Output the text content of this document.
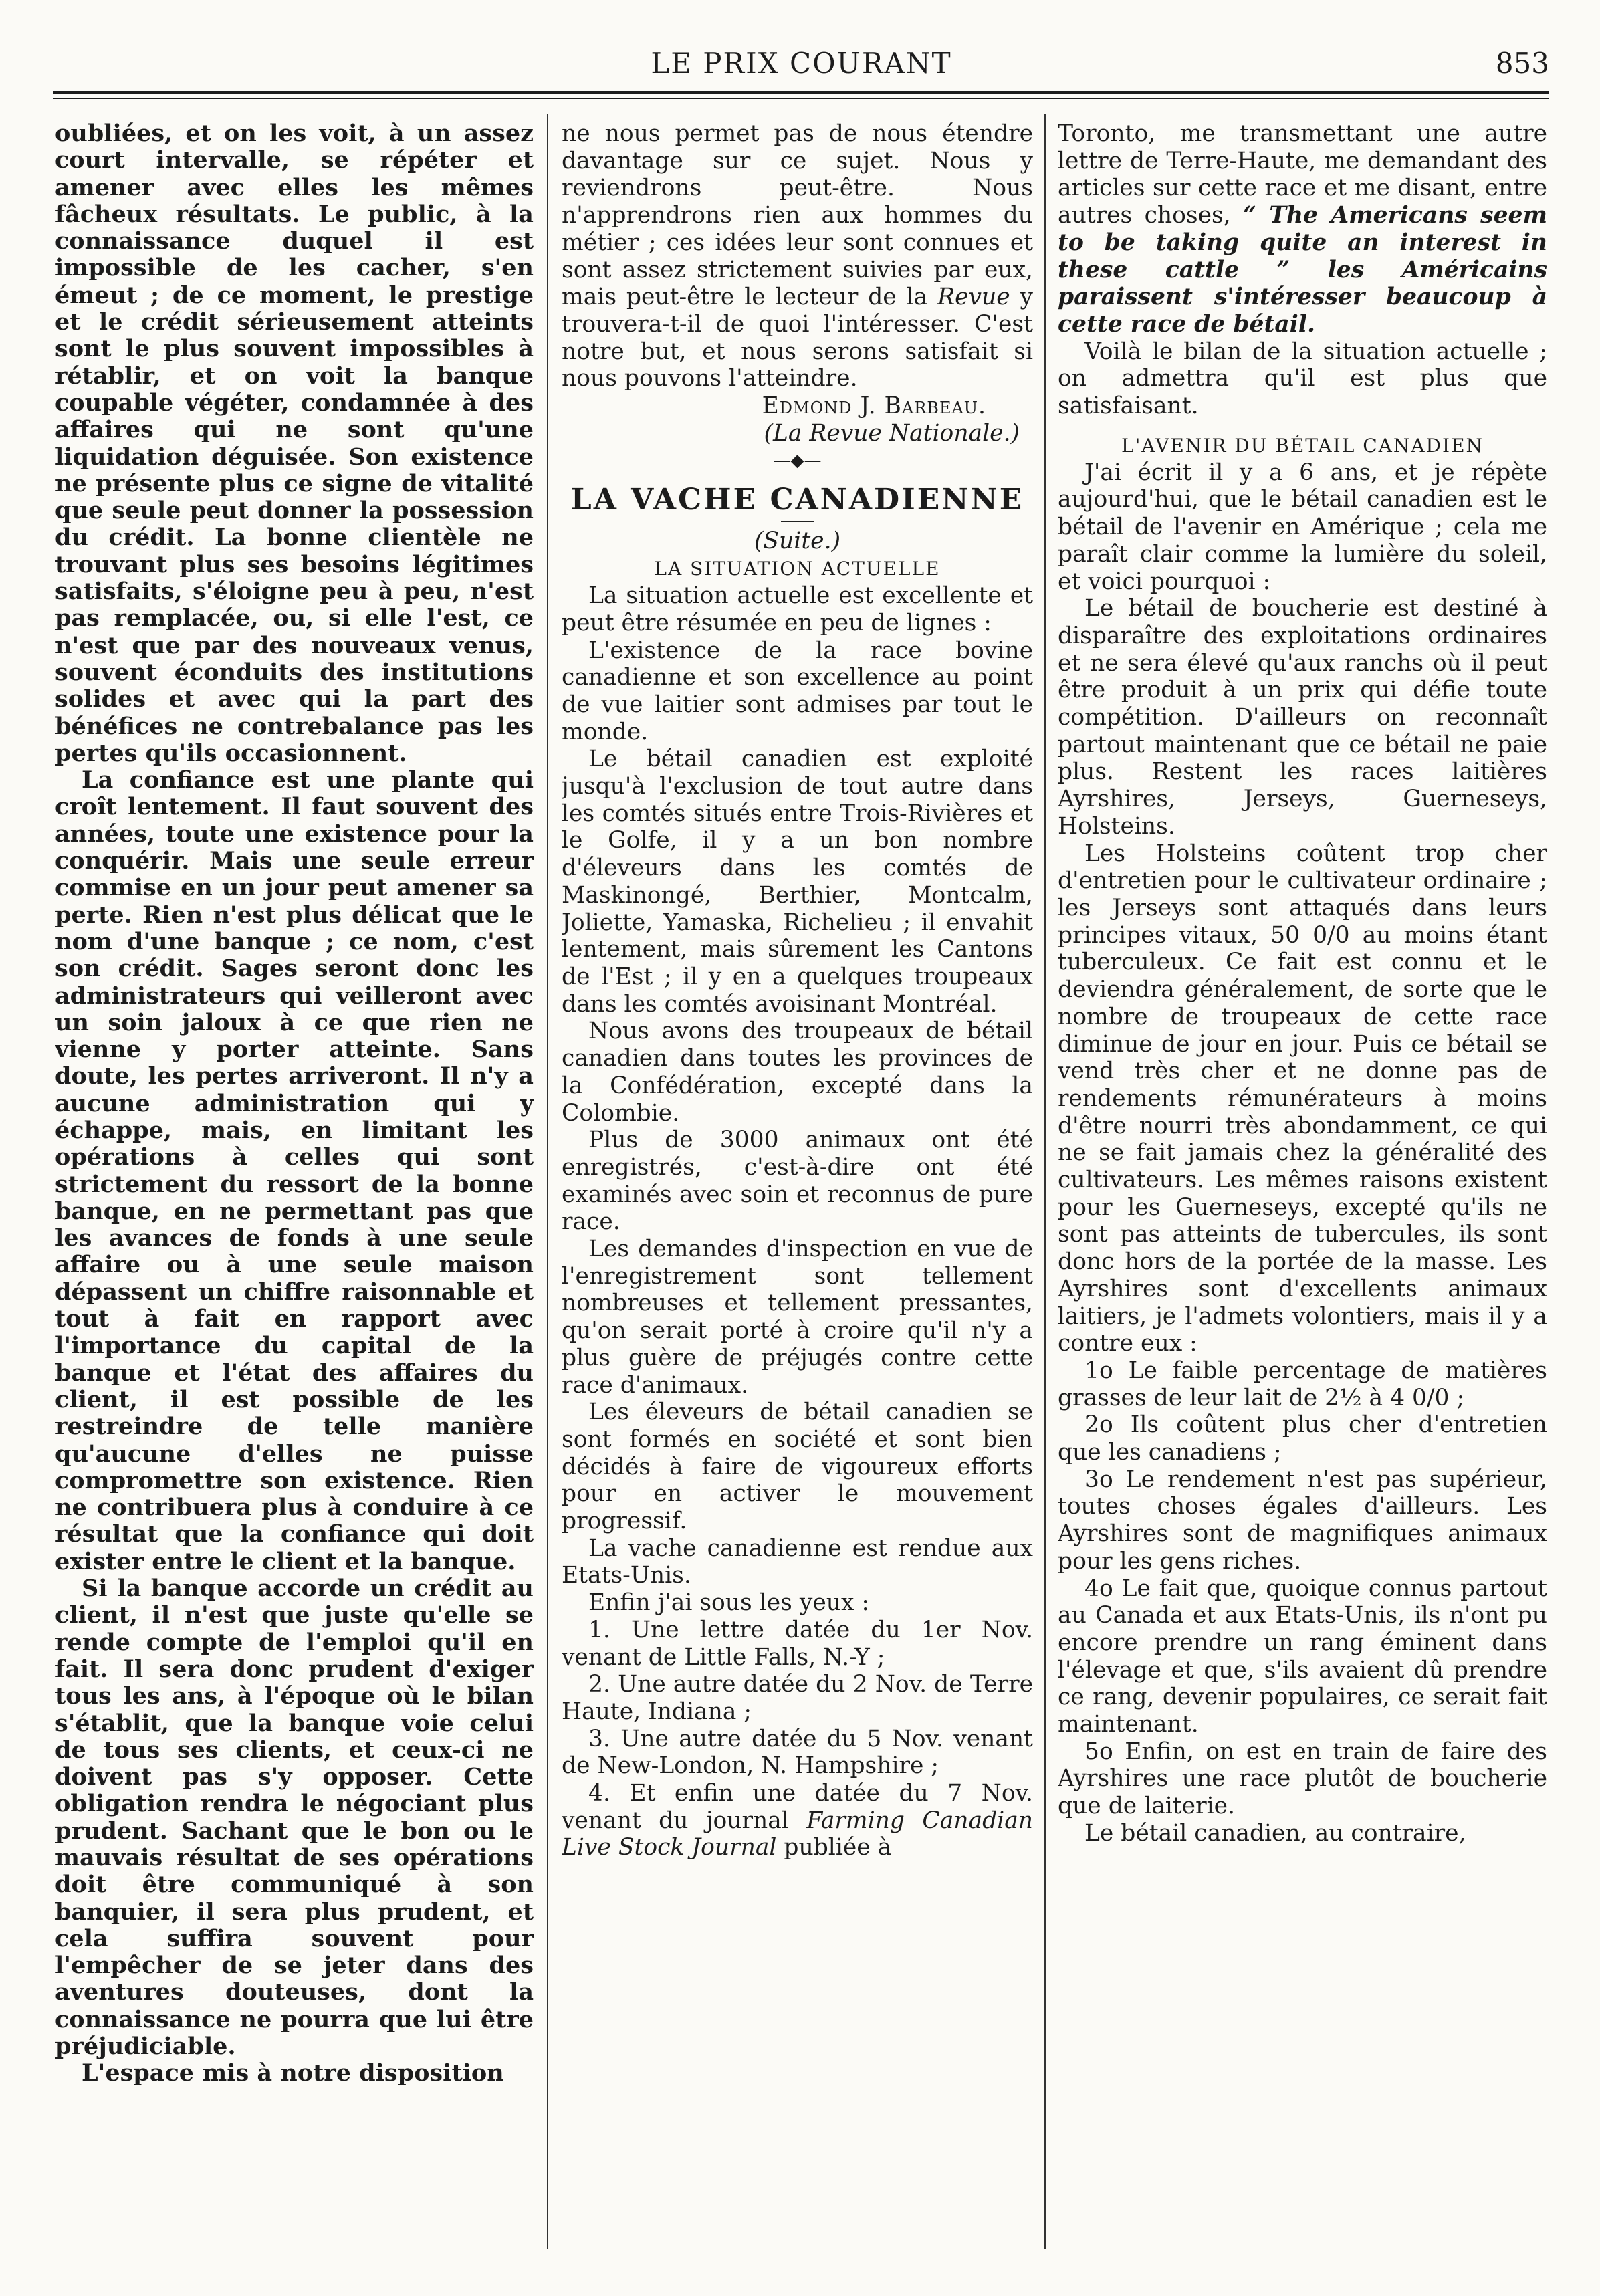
LE PRIX COURANT	853

oubliées, et on les voit, à un assez court intervalle, se répéter et amener avec elles les mêmes fâcheux résultats. Le public, à la connaissance duquel il est impossible de les cacher, s'en émeut ; de ce moment, le prestige et le crédit sérieusement atteints sont le plus souvent impossibles à rétablir, et on voit la banque coupable végéter, condamnée à des affaires qui ne sont qu'une liquidation déguisée. Son existence ne présente plus ce signe de vitalité que seule peut donner la possession du crédit. La bonne clientèle ne trouvant plus ses besoins légitimes satisfaits, s'éloigne peu à peu, n'est pas remplacée, ou, si elle l'est, ce n'est que par des nouveaux venus, souvent éconduits des institutions solides et avec qui la part des bénéfices ne contrebalance pas les pertes qu'ils occasionnent.

La confiance est une plante qui croît lentement. Il faut souvent des années, toute une existence pour la conquérir. Mais une seule erreur commise en un jour peut amener sa perte. Rien n'est plus délicat que le nom d'une banque ; ce nom, c'est son crédit. Sages seront donc les administrateurs qui veilleront avec un soin jaloux à ce que rien ne vienne y porter atteinte. Sans doute, les pertes arriveront. Il n'y a aucune administration qui y échappe, mais, en limitant les opérations à celles qui sont strictement du ressort de la bonne banque, en ne permettant pas que les avances de fonds à une seule affaire ou à une seule maison dépassent un chiffre raisonnable et tout à fait en rapport avec l'importance du capital de la banque et l'état des affaires du client, il est possible de les restreindre de telle manière qu'aucune d'elles ne puisse compromettre son existence. Rien ne contribuera plus à conduire à ce résultat que la confiance qui doit exister entre le client et la banque.

Si la banque accorde un crédit au client, il n'est que juste qu'elle se rende compte de l'emploi qu'il en fait. Il sera donc prudent d'exiger tous les ans, à l'époque où le bilan s'établit, que la banque voie celui de tous ses clients, et ceux-ci ne doivent pas s'y opposer. Cette obligation rendra le négociant plus prudent. Sachant que le bon ou le mauvais résultat de ses opérations doit être communiqué à son banquier, il sera plus prudent, et cela suffira souvent pour l'empêcher de se jeter dans des aventures douteuses, dont la connaissance ne pourra que lui être préjudiciable.

L'espace mis à notre disposition

ne nous permet pas de nous étendre davantage sur ce sujet. Nous y reviendrons peut-être. Nous n'apprendrons rien aux hommes du métier ; ces idées leur sont connues et sont assez strictement suivies par eux, mais peut-être le lecteur de la Revue y trouvera-t-il de quoi l'intéresser. C'est notre but, et nous serons satisfait si nous pouvons l'atteindre.

Edmond J. Barbeau.

(La Revue Nationale.)

—◆—
LA VACHE CANADIENNE

(Suite.)

LA SITUATION ACTUELLE

La situation actuelle est excellente et peut être résumée en peu de lignes :

L'existence de la race bovine canadienne et son excellence au point de vue laitier sont admises par tout le monde.

Le bétail canadien est exploité jusqu'à l'exclusion de tout autre dans les comtés situés entre Trois-Rivières et le Golfe, il y a un bon nombre d'éleveurs dans les comtés de Maskinongé, Berthier, Montcalm, Joliette, Yamaska, Richelieu ; il envahit lentement, mais sûrement les Cantons de l'Est ; il y en a quelques troupeaux dans les comtés avoisinant Montréal.

Nous avons des troupeaux de bétail canadien dans toutes les provinces de la Confédération, excepté dans la Colombie.

Plus de 3000 animaux ont été enregistrés, c'est-à-dire ont été examinés avec soin et reconnus de pure race.

Les demandes d'inspection en vue de l'enregistrement sont tellement nombreuses et tellement pressantes, qu'on serait porté à croire qu'il n'y a plus guère de préjugés contre cette race d'animaux.

Les éleveurs de bétail canadien se sont formés en société et sont bien décidés à faire de vigoureux efforts pour en activer le mouvement progressif.

La vache canadienne est rendue aux Etats-Unis.

Enfin j'ai sous les yeux :

1. Une lettre datée du 1er Nov. venant de Little Falls, N.-Y ;

2. Une autre datée du 2 Nov. de Terre Haute, Indiana ;

3. Une autre datée du 5 Nov. venant de New-London, N. Hampshire ;

4. Et enfin une datée du 7 Nov. venant du journal Farming Canadian Live Stock Journal publiée à

Toronto, me transmettant une autre lettre de Terre-Haute, me demandant des articles sur cette race et me disant, entre autres choses, “ The Americans seem to be taking quite an interest in these cattle ” les Américains paraissent s'intéresser beaucoup à cette race de bétail.

Voilà le bilan de la situation actuelle ; on admettra qu'il est plus que satisfaisant.

L'AVENIR DU BÉTAIL CANADIEN

J'ai écrit il y a 6 ans, et je répète aujourd'hui, que le bétail canadien est le bétail de l'avenir en Amérique ; cela me paraît clair comme la lumière du soleil, et voici pourquoi :

Le bétail de boucherie est destiné à disparaître des exploitations ordinaires et ne sera élevé qu'aux ranchs où il peut être produit à un prix qui défie toute compétition. D'ailleurs on reconnaît partout maintenant que ce bétail ne paie plus. Restent les races laitières Ayrshires, Jerseys, Guerneseys, Holsteins.

Les Holsteins coûtent trop cher d'entretien pour le cultivateur ordinaire ; les Jerseys sont attaqués dans leurs principes vitaux, 50 0/0 au moins étant tuberculeux. Ce fait est connu et le deviendra généralement, de sorte que le nombre de troupeaux de cette race diminue de jour en jour. Puis ce bétail se vend très cher et ne donne pas de rendements rémunérateurs à moins d'être nourri très abondamment, ce qui ne se fait jamais chez la généralité des cultivateurs. Les mêmes raisons existent pour les Guerneseys, excepté qu'ils ne sont pas atteints de tubercules, ils sont donc hors de la portée de la masse. Les Ayrshires sont d'excellents animaux laitiers, je l'admets volontiers, mais il y a contre eux :

1o Le faible percentage de matières grasses de leur lait de 2½ à 4 0/0 ;

2o Ils coûtent plus cher d'entretien que les canadiens ;

3o Le rendement n'est pas supérieur, toutes choses égales d'ailleurs. Les Ayrshires sont de magnifiques animaux pour les gens riches.

4o Le fait que, quoique connus partout au Canada et aux Etats-Unis, ils n'ont pu encore prendre un rang éminent dans l'élevage et que, s'ils avaient dû prendre ce rang, devenir populaires, ce serait fait maintenant.

5o Enfin, on est en train de faire des Ayrshires une race plutôt de boucherie que de laiterie.

Le bétail canadien, au contraire,
